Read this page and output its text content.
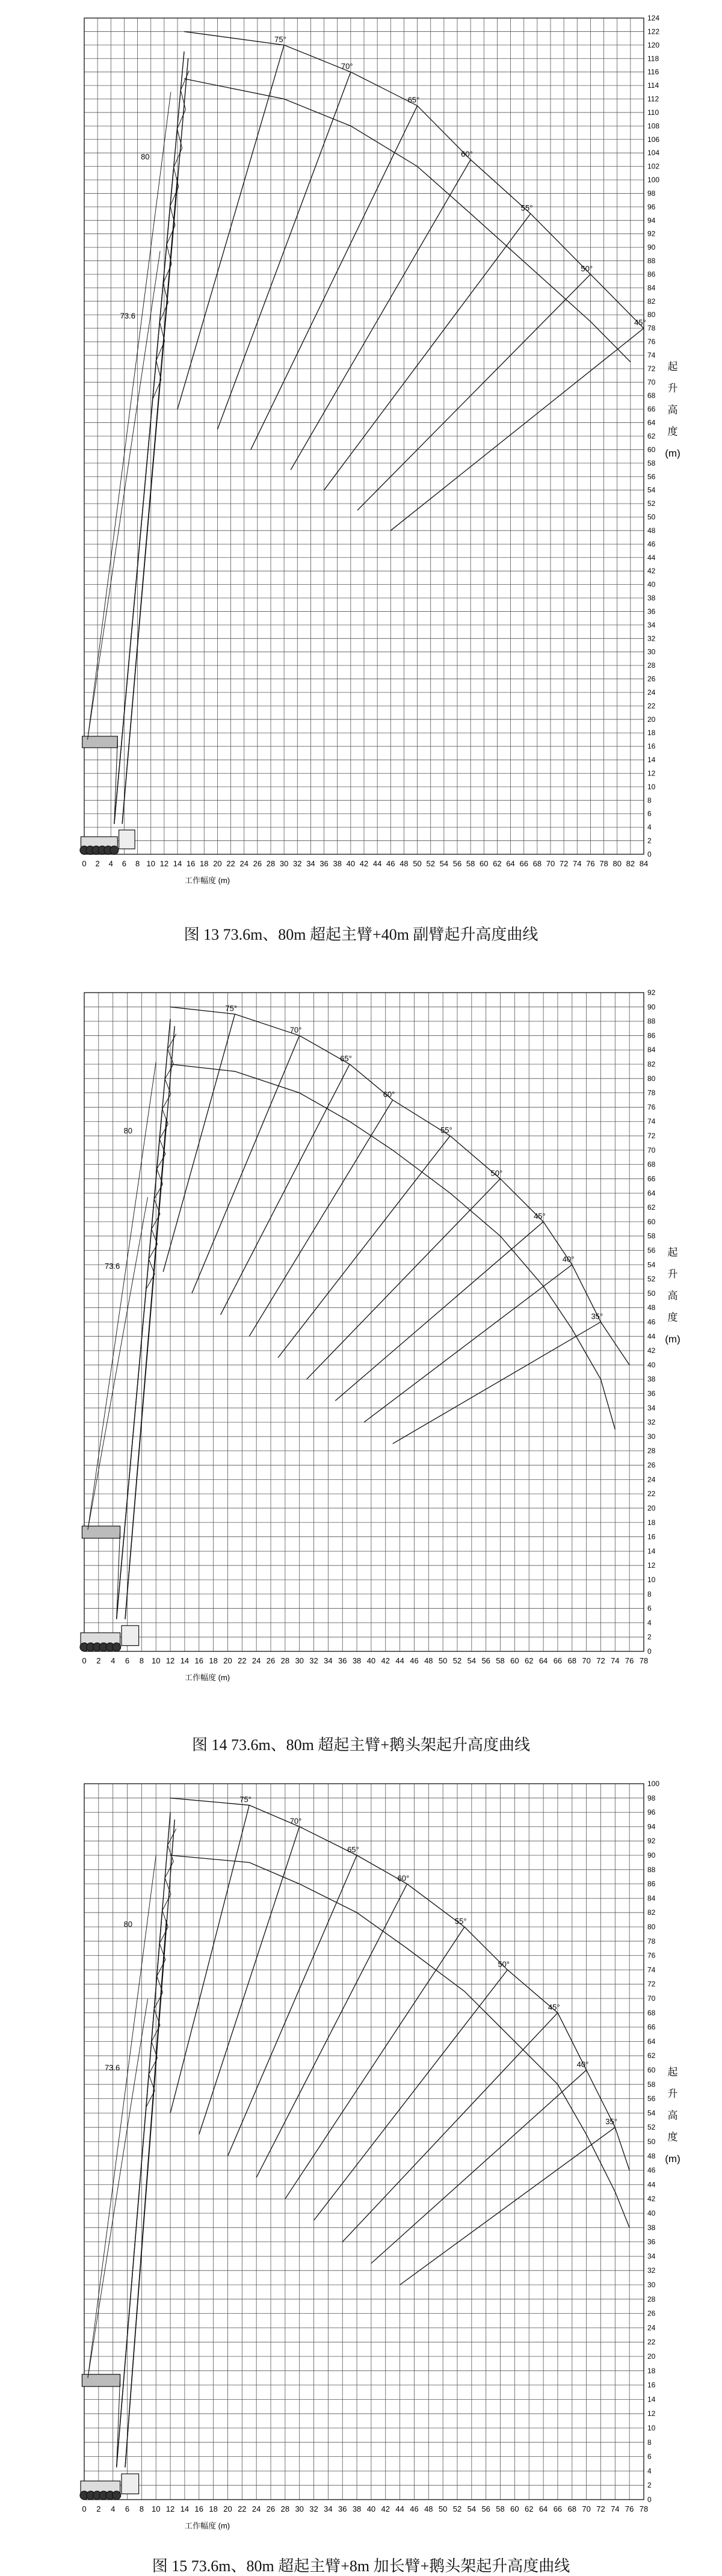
0 2 4 6 8 10 12 14 16 18 20 22 24 26 28 30 32 34 36 38 40 42 44 46 48 50 52 54 56 58 60 62 64 66 68 70 72 74 76 78 80 82 84
0
2
4
6
8
10
12
14
16
18
20
22
24
26
28
30
32
34
36
38
40
42
44
46
48
50
52
54
56
58
60
62
64
66
68
70
72
74
76
78
80
82
84
86
88
90
92
94
96
98
100
102
104
106
108
110
112
114
116
118
120
122
124
工作幅度 (m)
起
升
高
度
(m)
80
73.6
75°
70°
65°
60°
55°
50°
45°
图 13 73.6m、80m 超起主臂+40m 副臂起升高度曲线
0 2 4 6 8 10 12 14 16 18 20 22 24 26 28 30 32 34 36 38 40 42 44 46 48 50 52 54 56 58 60 62 64 66 68 70 72 74 76 78
0
2
4
6
8
10
12
14
16
18
20
22
24
26
28
30
32
34
36
38
40
42
44
46
48
50
52
54
56
58
60
62
64
66
68
70
72
74
76
78
80
82
84
86
88
90
92
工作幅度 (m)
起
升
高
度
(m)
80
73.6
75°
70°
65°
60°
55°
50°
45°
40°
35°
图 14 73.6m、80m 超起主臂+鹅头架起升高度曲线
0 2 4 6 8 10 12 14 16 18 20 22 24 26 28 30 32 34 36 38 40 42 44 46 48 50 52 54 56 58 60 62 64 66 68 70 72 74 76 78
0
2
4
6
8
10
12
14
16
18
20
22
24
26
28
30
32
34
36
38
40
42
44
46
48
50
52
54
56
58
60
62
64
66
68
70
72
74
76
78
80
82
84
86
88
90
92
94
96
98
100
工作幅度 (m)
起
升
高
度
(m)
80
73.6
75°
70°
65°
60°
55°
50°
45°
40°
35°
图 15 73.6m、80m 超起主臂+8m 加长臂+鹅头架起升高度曲线
